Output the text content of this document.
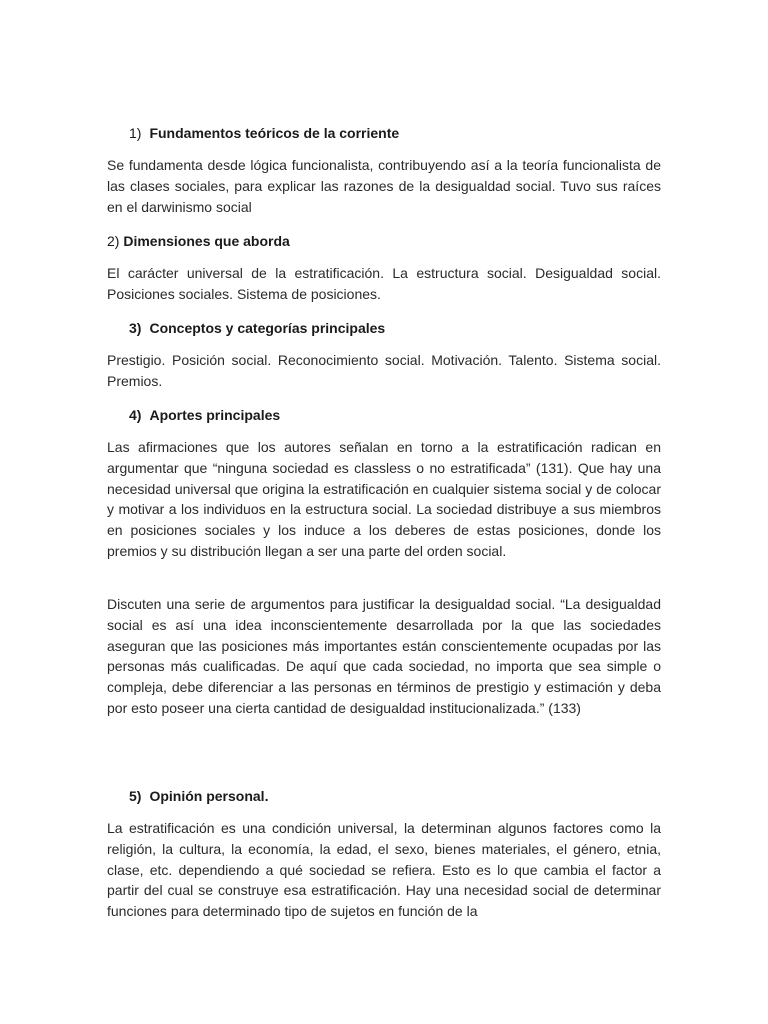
1) Fundamentos teóricos de la corriente

Se fundamenta desde lógica funcionalista, contribuyendo así a la teoría funcionalista de las clases sociales, para explicar las razones de la desigualdad social. Tuvo sus raíces en el darwinismo social

2) Dimensiones que aborda

El carácter universal de la estratificación. La estructura social. Desigualdad social. Posiciones sociales. Sistema de posiciones.

3) Conceptos y categorías principales

Prestigio. Posición social. Reconocimiento social. Motivación. Talento. Sistema social. Premios.

4) Aportes principales

Las afirmaciones que los autores señalan en torno a la estratificación radican en argumentar que “ninguna sociedad es classless o no estratificada” (131). Que hay una necesidad universal que origina la estratificación en cualquier sistema social y de colocar y motivar a los individuos en la estructura social. La sociedad distribuye a sus miembros en posiciones sociales y los induce a los deberes de estas posiciones, donde los premios y su distribución llegan a ser una parte del orden social.

Discuten una serie de argumentos para justificar la desigualdad social. “La desigualdad social es así una idea inconscientemente desarrollada por la que las sociedades aseguran que las posiciones más importantes están conscientemente ocupadas por las personas más cualificadas. De aquí que cada sociedad, no importa que sea simple o compleja, debe diferenciar a las personas en términos de prestigio y estimación y deba por esto poseer una cierta cantidad de desigualdad institucionalizada.” (133)

5) Opinión personal.

La estratificación es una condición universal, la determinan algunos factores como la religión, la cultura, la economía, la edad, el sexo, bienes materiales, el género, etnia, clase, etc. dependiendo a qué sociedad se refiera. Esto es lo que cambia el factor a partir del cual se construye esa estratificación. Hay una necesidad social de determinar funciones para determinado tipo de sujetos en función de la
